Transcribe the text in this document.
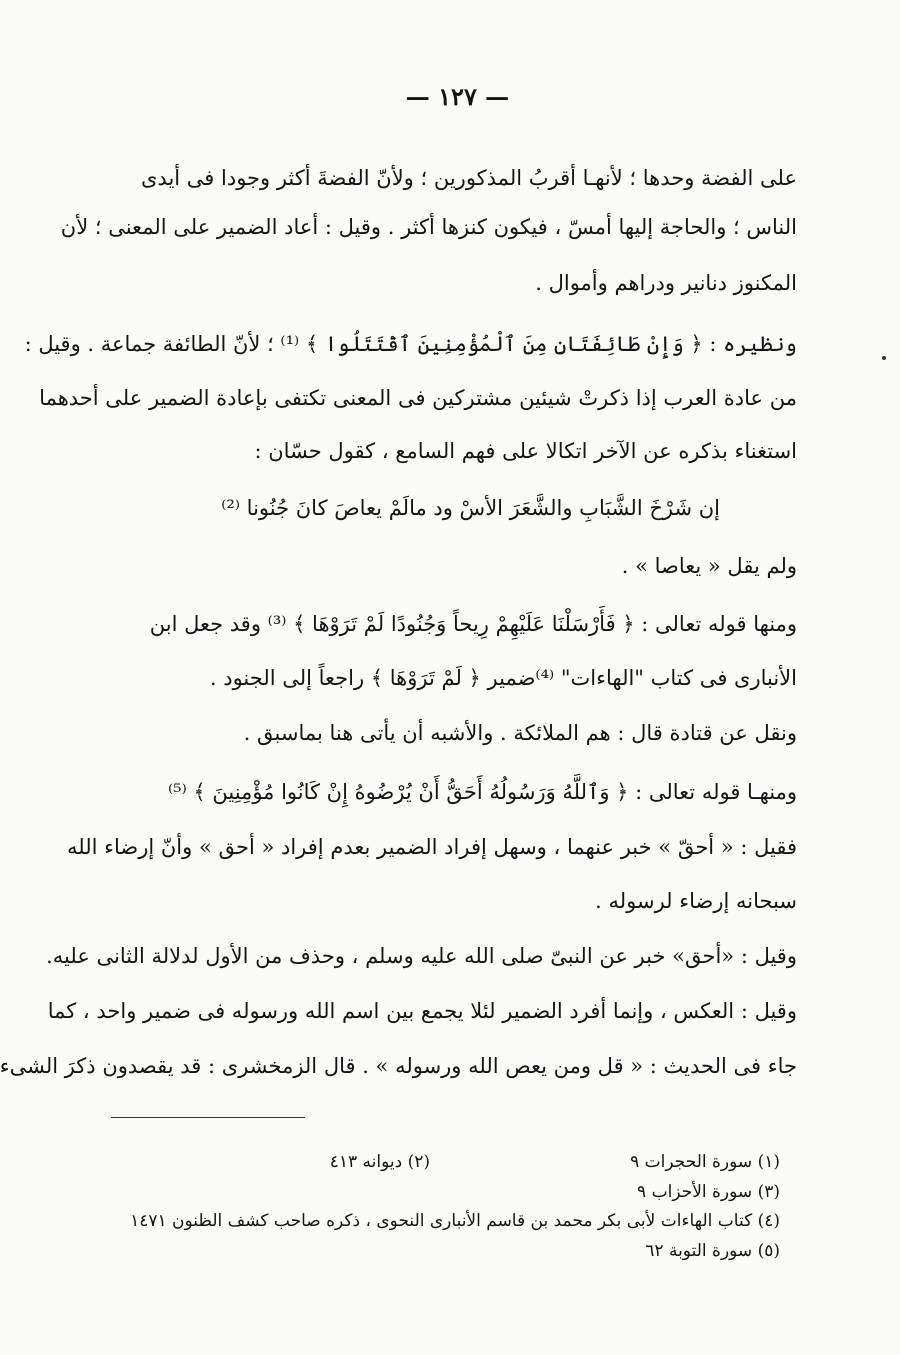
— ١٢٧ —
على الفضة وحدها ؛ لأنهـا أقربُ المذكورين ؛ ولأنّ الفضةَ أكثر وجودا فى أيدى
الناس ؛ والحاجة إليها أمسّ ، فيكون كنزها أكثر . وقيل : أعاد الضمير على المعنى ؛ لأن
المكنوز دنانير ودراهم وأموال .
ونظيره : ﴿ وَإِنْ طَائِفَتَانِ مِنَ ٱلْمُؤْمِنِينَ ٱقْتَتَلُوا ﴾ ⁽¹⁾ ؛ لأنّ الطائفة جماعة . وقيل :
من عادة العرب إذا ذكرتْ شيئين مشتركين فى المعنى تكتفى بإعادة الضمير على أحدهما
استغناء بذكره عن الآخر اتكالا على فهم السامع ، كقول حسّان :
إن شَرْخَ الشَّبَابِ والشَّعَرَ الأسْ ود مالَمْ يعاصَ كانَ جُنُونا ⁽²⁾
ولم يقل « يعاصا » .
ومنها قوله تعالى : ﴿ فَأَرْسَلْنَا عَلَيْهِمْ رِيحاً وَجُنُودًا لَمْ تَرَوْهَا ﴾ ⁽³⁾ وقد جعل ابن
الأنبارى فى كتاب "الهاءات" ⁽⁴⁾ضمير ﴿ لَمْ تَرَوْهَا ﴾ راجعاً إلى الجنود .
ونقل عن قتادة قال : هم الملائكة . والأشبه أن يأتى هنا بماسبق .
ومنهـا قوله تعالى : ﴿ وَٱللَّهُ وَرَسُولُهُ أَحَقُّ أَنْ يُرْضُوهُ إِنْ كَانُوا مُؤْمِنِينَ ﴾ ⁽⁵⁾
فقيل : « أحقّ » خبر عنهما ، وسهل إفراد الضمير بعدم إفراد « أحق » وأنّ إرضاء الله
سبحانه إرضاء لرسوله .
وقيل : «أحق» خبر عن النبىّ صلى الله عليه وسلم ، وحذف من الأول لدلالة الثانى عليه.
وقيل : العكس ، وإنما أفرد الضمير لئلا يجمع بين اسم الله ورسوله فى ضمير واحد ، كما
جاء فى الحديث : « قل ومن يعص الله ورسوله » . قال الزمخشرى : قد يقصدون ذكرَ الشىء
(١) سورة الحجرات ٩
(٢) ديوانه ٤١٣
(٣) سورة الأحزاب ٩
(٤) كتاب الهاءات لأبى بكر محمد بن قاسم الأنبارى النحوى ، ذكره صاحب كشف الظنون ١٤٧١
(٥) سورة التوبة ٦٢
